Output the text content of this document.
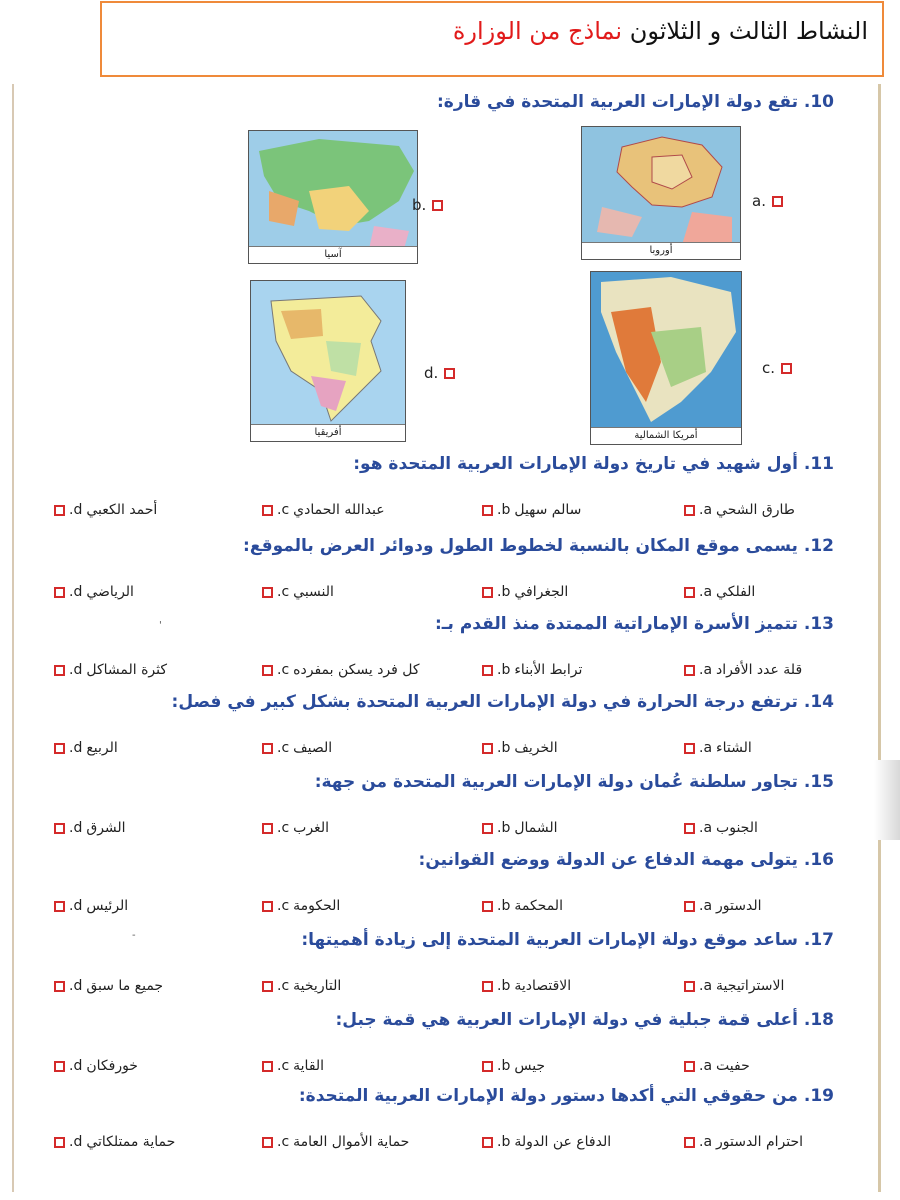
النشاط الثالث و الثلاثون نماذج من الوزارة
10. تقع دولة الإمارات العربية المتحدة في قارة:
أوروبا
a.
آسيا
b.
أمريكا الشمالية
c.
أفريقيا
d.
11. أول شهيد في تاريخ دولة الإمارات العربية المتحدة هو:
طارق الشحي
a.
سالم سهيل
b.
عبدالله الحمادي
c.
أحمد الكعبي
d.
12. يسمى موقع المكان بالنسبة لخطوط الطول ودوائر العرض بالموقع:
الفلكي
a.
الجغرافي
b.
النسبي
c.
الرياضي
d.
13. تتميز الأسرة الإماراتية الممتدة منذ القدم بـ:
قلة عدد الأفراد
a.
ترابط الأبناء
b.
كل فرد يسكن بمفرده
c.
كثرة المشاكل
d.
14. ترتفع درجة الحرارة في دولة الإمارات العربية المتحدة بشكل كبير في فصل:
الشتاء
a.
الخريف
b.
الصيف
c.
الربيع
d.
15. تجاور سلطنة عُمان دولة الإمارات العربية المتحدة من جهة:
الجنوب
a.
الشمال
b.
الغرب
c.
الشرق
d.
16. يتولى مهمة الدفاع عن الدولة ووضع القوانين:
الدستور
a.
المحكمة
b.
الحكومة
c.
الرئيس
d.
17. ساعد موقع دولة الإمارات العربية المتحدة إلى زيادة أهميتها:
الاستراتيجية
a.
الاقتصادية
b.
التاريخية
c.
جميع ما سبق
d.
18. أعلى قمة جبلية في دولة الإمارات العربية هي قمة جبل:
حفيت
a.
جيس
b.
القاية
c.
خورفكان
d.
19. من حقوقي التي أكدها دستور دولة الإمارات العربية المتحدة:
احترام الدستور
a.
الدفاع عن الدولة
b.
حماية الأموال العامة
c.
حماية ممتلكاتي
d.
'
-
